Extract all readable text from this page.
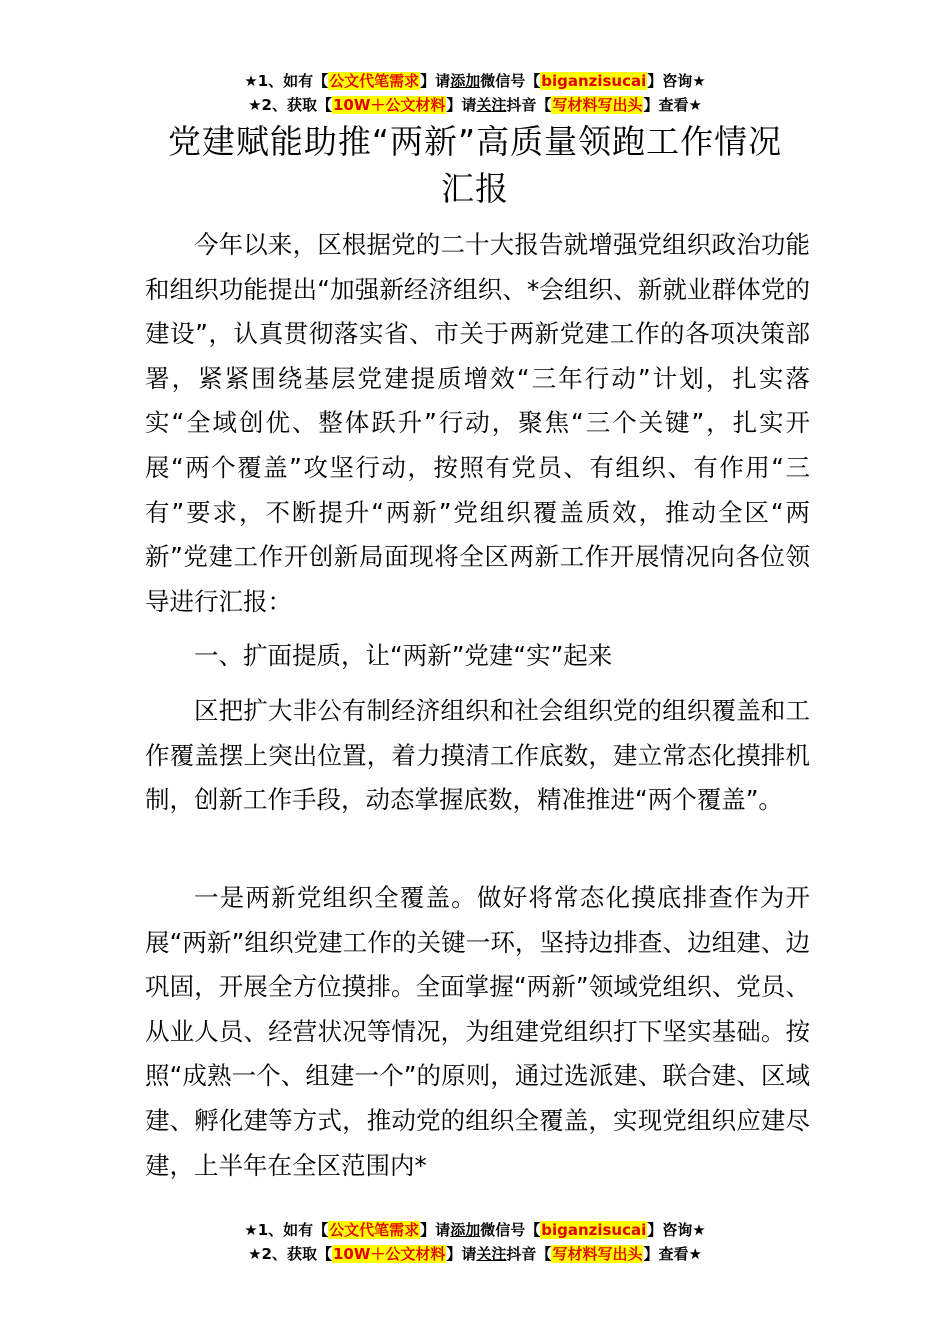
★1、如有【公文代笔需求】请添加微信号【biganzisucai】咨询★
★2、获取【10W＋公文材料】请关注抖音【写材料写出头】查看★
党建赋能助推“两新”高质量领跑工作情况
汇报

今年以来，区根据党的二十大报告就增强党组织政治功能和组织功能提出“加强新经济组织、*会组织、新就业群体党的建设”，认真贯彻落实省、市关于两新党建工作的各项决策部署，紧紧围绕基层党建提质增效“三年行动”计划，扎实落实“全域创优、整体跃升”行动，聚焦“三个关键”，扎实开展“两个覆盖”攻坚行动，按照有党员、有组织、有作用“三有”要求，不断提升“两新”党组织覆盖质效，推动全区“两新”党建工作开创新局面现将全区两新工作开展情况向各位领导进行汇报：

一、扩面提质，让“两新”党建“实”起来

区把扩大非公有制经济组织和社会组织党的组织覆盖和工作覆盖摆上突出位置，着力摸清工作底数，建立常态化摸排机制，创新工作手段，动态掌握底数，精准推进“两个覆盖”。

一是两新党组织全覆盖。做好将常态化摸底排查作为开展“两新”组织党建工作的关键一环，坚持边排查、边组建、边巩固，开展全方位摸排。全面掌握“两新”领域党组织、党员、从业人员、经营状况等情况，为组建党组织打下坚实基础。按照“成熟一个、组建一个”的原则，通过选派建、联合建、区域建、孵化建等方式，推动党的组织全覆盖，实现党组织应建尽建，上半年在全区范围内*

★1、如有【公文代笔需求】请添加微信号【biganzisucai】咨询★
★2、获取【10W＋公文材料】请关注抖音【写材料写出头】查看★
